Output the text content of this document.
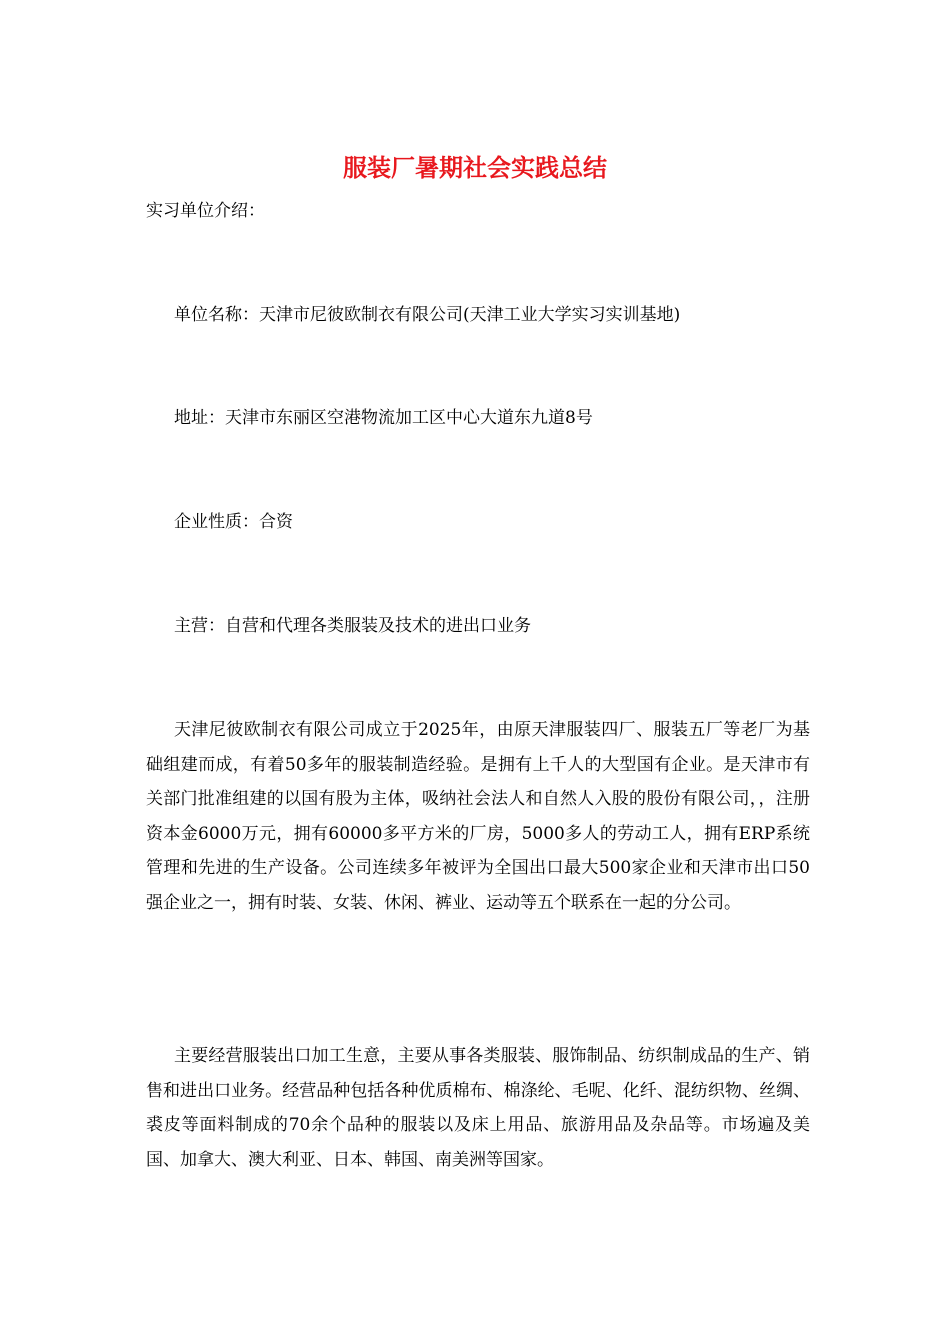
服装厂暑期社会实践总结
实习单位介绍：
单位名称：天津市尼彼欧制衣有限公司(天津工业大学实习实训基地)
地址：天津市东丽区空港物流加工区中心大道东九道8号
企业性质：合资
主营：自营和代理各类服装及技术的进出口业务
天津尼彼欧制衣有限公司成立于2025年，由原天津服装四厂、服装五厂等老厂为基础组建而成，有着50多年的服装制造经验。是拥有上千人的大型国有企业。是天津市有关部门批准组建的以国有股为主体，吸纳社会法人和自然人入股的股份有限公司，，注册资本金6000万元，拥有60000多平方米的厂房，5000多人的劳动工人，拥有ERP系统管理和先进的生产设备。公司连续多年被评为全国出口最大500家企业和天津市出口50强企业之一，拥有时装、女装、休闲、裤业、运动等五个联系在一起的分公司。
主要经营服装出口加工生意，主要从事各类服装、服饰制品、纺织制成品的生产、销售和进出口业务。经营品种包括各种优质棉布、棉涤纶、毛呢、化纤、混纺织物、丝绸、裘皮等面料制成的70余个品种的服装以及床上用品、旅游用品及杂品等。市场遍及美国、加拿大、澳大利亚、日本、韩国、南美洲等国家。
